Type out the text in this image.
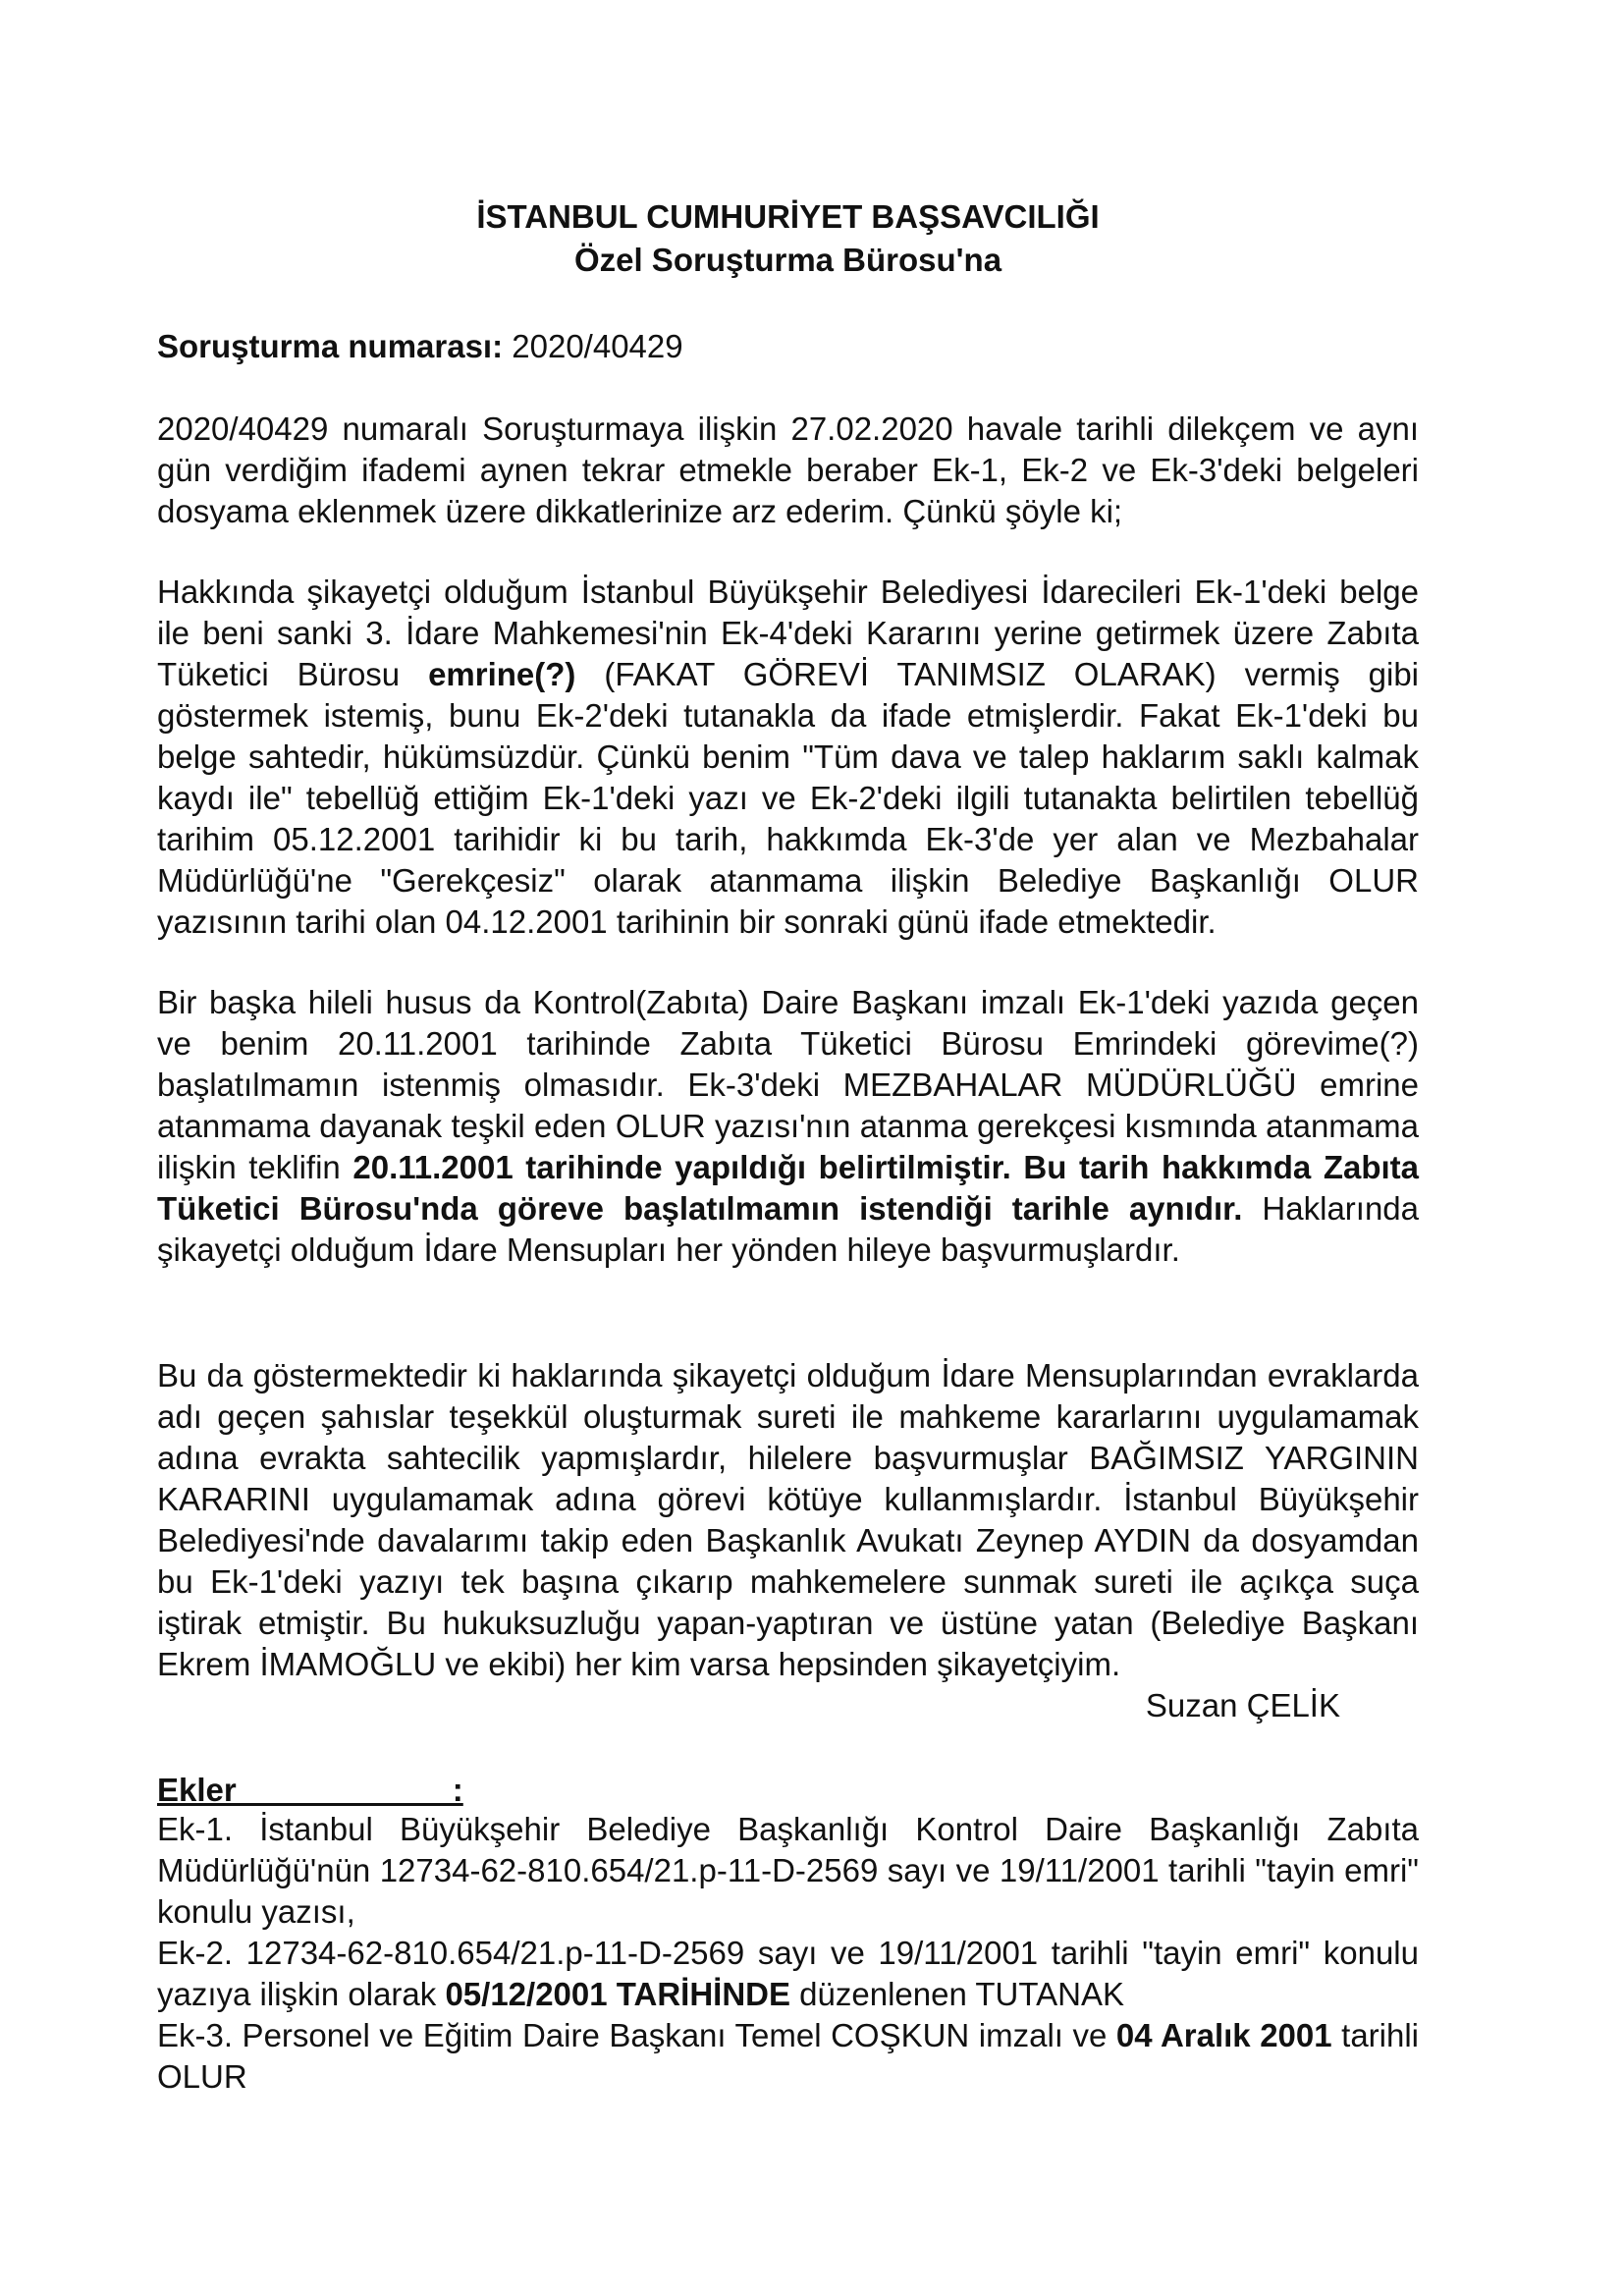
İSTANBUL CUMHURİYET BAŞSAVCILIĞI

Özel Soruşturma Bürosu'na

Soruşturma numarası: 2020/40429

2020/40429 numaralı Soruşturmaya ilişkin 27.02.2020 havale tarihli dilekçem ve aynı gün verdiğim ifademi aynen tekrar etmekle beraber Ek-1, Ek-2 ve Ek-3'deki belgeleri dosyama eklenmek üzere dikkatlerinize arz ederim. Çünkü şöyle ki;

Hakkında şikayetçi olduğum İstanbul Büyükşehir Belediyesi İdarecileri Ek-1'deki belge ile beni sanki 3. İdare Mahkemesi'nin Ek-4'deki Kararını yerine getirmek üzere Zabıta Tüketici Bürosu emrine(?) (FAKAT GÖREVİ TANIMSIZ OLARAK) vermiş gibi göstermek istemiş, bunu Ek-2'deki tutanakla da ifade etmişlerdir. Fakat Ek-1'deki bu belge sahtedir, hükümsüzdür. Çünkü benim "Tüm dava ve talep haklarım saklı kalmak kaydı ile" tebellüğ ettiğim Ek-1'deki yazı ve Ek-2'deki ilgili tutanakta belirtilen tebellüğ tarihim 05.12.2001 tarihidir ki bu tarih, hakkımda Ek-3'de yer alan ve Mezbahalar Müdürlüğü'ne "Gerekçesiz" olarak atanmama ilişkin Belediye Başkanlığı OLUR yazısının tarihi olan 04.12.2001 tarihinin bir sonraki günü ifade etmektedir.

Bir başka hileli husus da Kontrol(Zabıta) Daire Başkanı imzalı Ek-1'deki yazıda geçen ve benim 20.11.2001 tarihinde Zabıta Tüketici Bürosu Emrindeki görevime(?) başlatılmamın istenmiş olmasıdır. Ek-3'deki MEZBAHALAR MÜDÜRLÜĞÜ emrine atanmama dayanak teşkil eden OLUR yazısı'nın atanma gerekçesi kısmında atanmama ilişkin teklifin 20.11.2001 tarihinde yapıldığı belirtilmiştir. Bu tarih hakkımda Zabıta Tüketici Bürosu'nda göreve başlatılmamın istendiği tarihle aynıdır. Haklarında şikayetçi olduğum İdare Mensupları her yönden hileye başvurmuşlardır.

Bu da göstermektedir ki haklarında şikayetçi olduğum İdare Mensuplarından evraklarda adı geçen şahıslar teşekkül oluşturmak sureti ile mahkeme kararlarını uygulamamak adına evrakta sahtecilik yapmışlardır, hilelere başvurmuşlar BAĞIMSIZ YARGININ KARARINI uygulamamak adına görevi kötüye kullanmışlardır. İstanbul Büyükşehir Belediyesi'nde davalarımı takip eden Başkanlık Avukatı Zeynep AYDIN da dosyamdan bu Ek-1'deki yazıyı tek başına çıkarıp mahkemelere sunmak sureti ile açıkça suça iştirak etmiştir. Bu hukuksuzluğu yapan-yaptıran ve üstüne yatan (Belediye Başkanı Ekrem İMAMOĞLU ve ekibi) her kim varsa hepsinden şikayetçiyim.

Suzan ÇELİK

Ekler                        :

Ek-1. İstanbul Büyükşehir Belediye Başkanlığı Kontrol Daire Başkanlığı Zabıta Müdürlüğü'nün 12734-62-810.654/21.p-11-D-2569 sayı ve 19/11/2001 tarihli "tayin emri" konulu yazısı,

Ek-2. 12734-62-810.654/21.p-11-D-2569 sayı ve 19/11/2001 tarihli "tayin emri" konulu yazıya ilişkin olarak 05/12/2001 TARİHİNDE düzenlenen TUTANAK

Ek-3. Personel ve Eğitim Daire Başkanı Temel COŞKUN imzalı ve 04 Aralık 2001 tarihli OLUR
